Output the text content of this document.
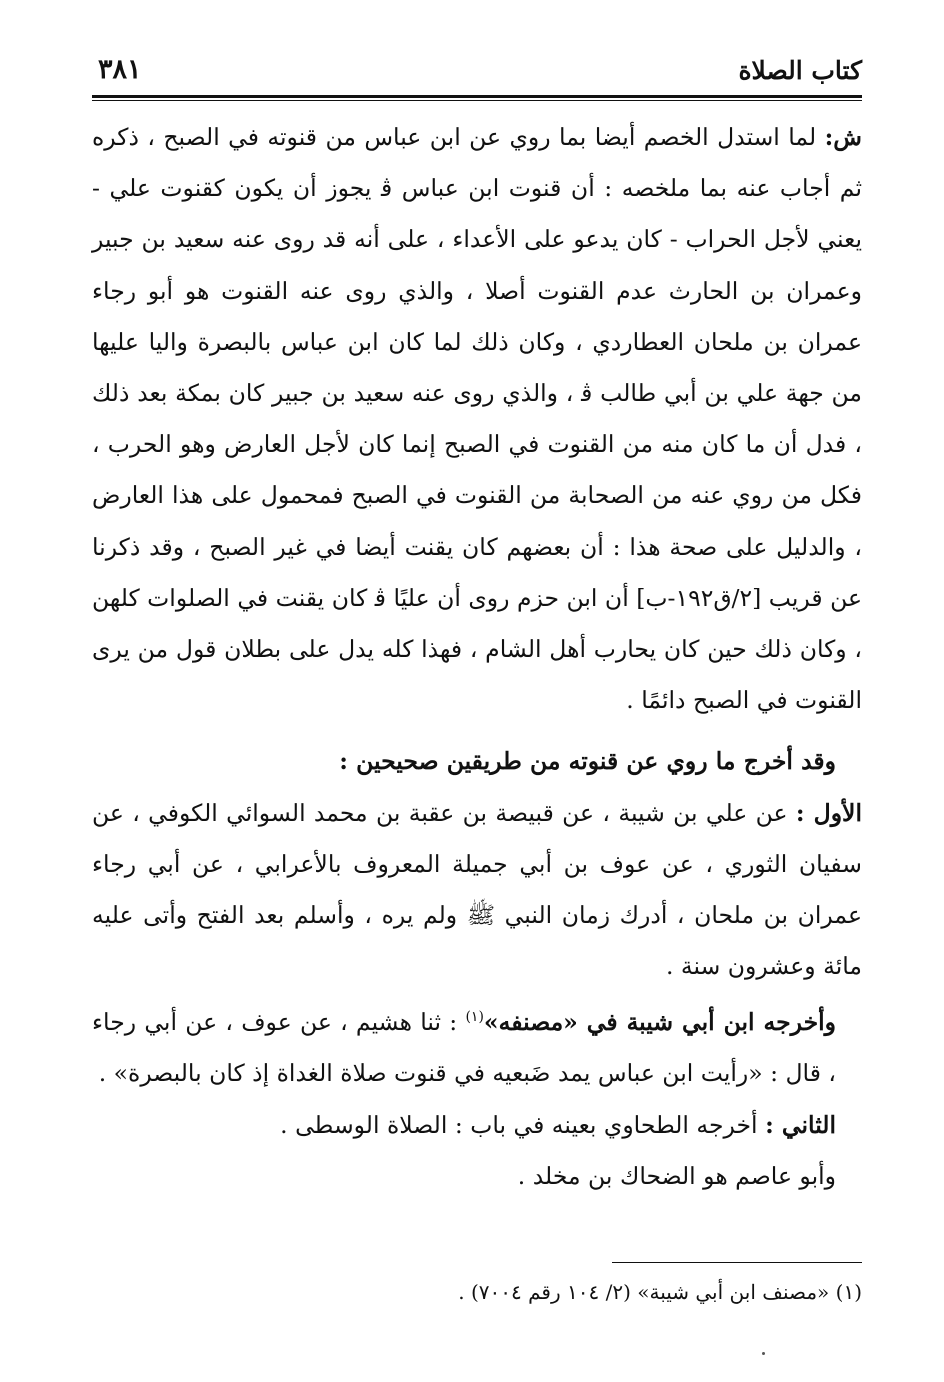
كتاب الصلاة
٣٨١

ش: لما استدل الخصم أيضا بما روي عن ابن عباس من قنوته في الصبح ، ذكره ثم أجاب عنه بما ملخصه : أن قنوت ابن عباس ﭬ يجوز أن يكون كقنوت علي - يعني لأجل الحراب - كان يدعو على الأعداء ، على أنه قد روى عنه سعيد بن جبير وعمران بن الحارث عدم القنوت أصلا ، والذي روى عنه القنوت هو أبو رجاء عمران بن ملحان العطاردي ، وكان ذلك لما كان ابن عباس بالبصرة واليا عليها من جهة علي بن أبي طالب ﭬ ، والذي روى عنه سعيد بن جبير كان بمكة بعد ذلك ، فدل أن ما كان منه من القنوت في الصبح إنما كان لأجل العارض وهو الحرب ، فكل من روي عنه من الصحابة من القنوت في الصبح فمحمول على هذا العارض ، والدليل على صحة هذا : أن بعضهم كان يقنت أيضا في غير الصبح ، وقد ذكرنا عن قريب [٢/ق١٩٢-ب] أن ابن حزم روى أن عليًا ﭬ كان يقنت في الصلوات كلهن ، وكان ذلك حين كان يحارب أهل الشام ، فهذا كله يدل على بطلان قول من يرى القنوت في الصبح دائمًا .

وقد أخرج ما روي عن قنوته من طريقين صحيحين :

الأول : عن علي بن شيبة ، عن قبيصة بن عقبة بن محمد السوائي الكوفي ، عن سفيان الثوري ، عن عوف بن أبي جميلة المعروف بالأعرابي ، عن أبي رجاء عمران بن ملحان ، أدرك زمان النبي ﷺ ولم يره ، وأسلم بعد الفتح وأتى عليه مائة وعشرون سنة .

وأخرجه ابن أبي شيبة في «مصنفه»$^{(١)}$ : ثنا هشيم ، عن عوف ، عن أبي رجاء ، قال : «رأيت ابن عباس يمد ضَبعيه في قنوت صلاة الغداة إذ كان بالبصرة» .

الثاني : أخرجه الطحاوي بعينه في باب : الصلاة الوسطى .

وأبو عاصم هو الضحاك بن مخلد .

(١) «مصنف ابن أبي شيبة» (٢/ ١٠٤ رقم ٧٠٠٤) .
